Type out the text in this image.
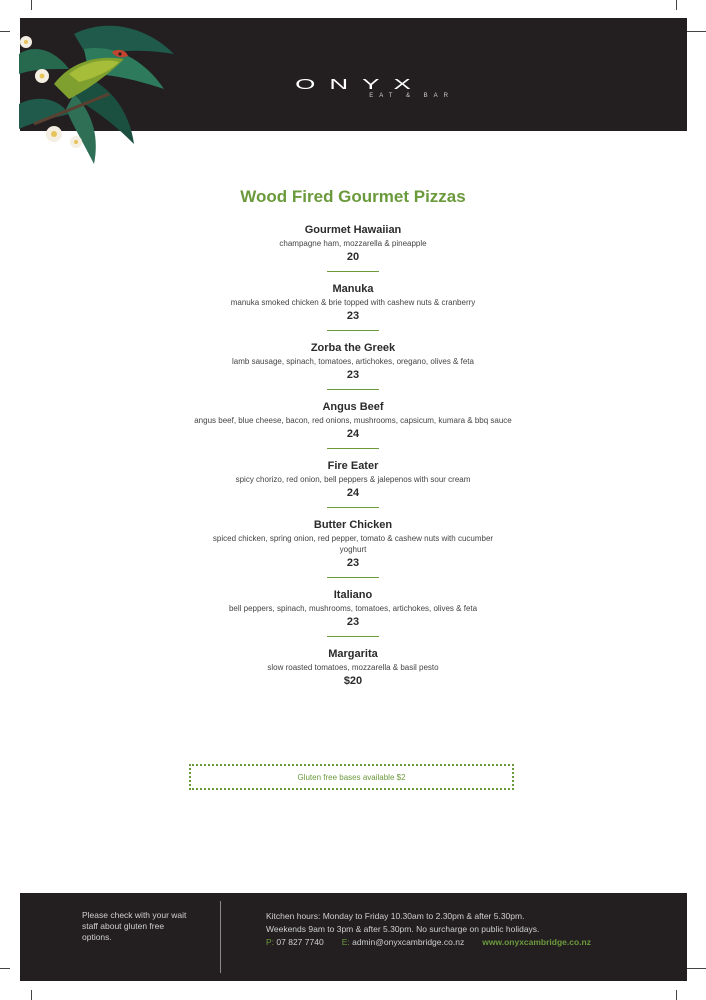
ONYX
EAT & BAR
Wood Fired Gourmet Pizzas
Gourmet Hawaiian
champagne ham, mozzarella & pineapple
20
Manuka
manuka smoked chicken & brie topped with cashew nuts & cranberry
23
Zorba the Greek
lamb sausage, spinach, tomatoes, artichokes, oregano, olives & feta
23
Angus Beef
angus beef, blue cheese, bacon, red onions, mushrooms, capsicum, kumara & bbq sauce
24
Fire Eater
spicy chorizo, red onion, bell peppers & jalepenos with sour cream
24
Butter Chicken
spiced chicken, spring onion, red pepper, tomato & cashew nuts with cucumber yoghurt
23
Italiano
bell peppers, spinach, mushrooms, tomatoes, artichokes, olives & feta
23
Margarita
slow roasted tomatoes, mozzarella & basil pesto
$20
Gluten free bases available $2
Please check with your wait staff about gluten free options.
Kitchen hours: Monday to Friday 10.30am to 2.30pm & after 5.30pm.
Weekends 9am to 3pm & after 5.30pm. No surcharge on public holidays.
P: 07 827 7740 E: admin@onyxcambridge.co.nz www.onyxcambridge.co.nz
